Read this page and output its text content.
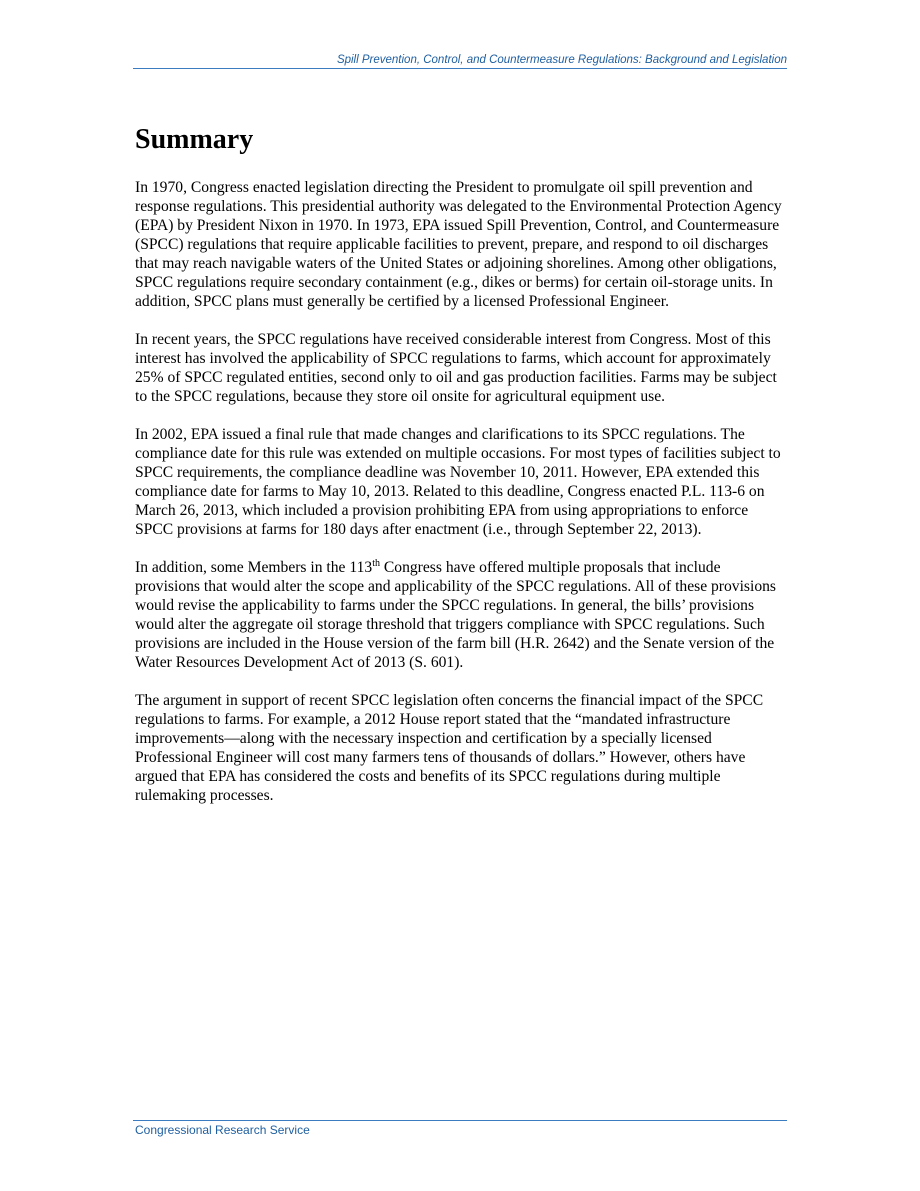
Spill Prevention, Control, and Countermeasure Regulations: Background and Legislation
Summary

In 1970, Congress enacted legislation directing the President to promulgate oil spill prevention and response regulations. This presidential authority was delegated to the Environmental Protection Agency (EPA) by President Nixon in 1970. In 1973, EPA issued Spill Prevention, Control, and Countermeasure (SPCC) regulations that require applicable facilities to prevent, prepare, and respond to oil discharges that may reach navigable waters of the United States or adjoining shorelines. Among other obligations, SPCC regulations require secondary containment (e.g., dikes or berms) for certain oil-storage units. In addition, SPCC plans must generally be certified by a licensed Professional Engineer.

In recent years, the SPCC regulations have received considerable interest from Congress. Most of this interest has involved the applicability of SPCC regulations to farms, which account for approximately 25% of SPCC regulated entities, second only to oil and gas production facilities. Farms may be subject to the SPCC regulations, because they store oil onsite for agricultural equipment use.

In 2002, EPA issued a final rule that made changes and clarifications to its SPCC regulations. The compliance date for this rule was extended on multiple occasions. For most types of facilities subject to SPCC requirements, the compliance deadline was November 10, 2011. However, EPA extended this compliance date for farms to May 10, 2013. Related to this deadline, Congress enacted P.L. 113-6 on March 26, 2013, which included a provision prohibiting EPA from using appropriations to enforce SPCC provisions at farms for 180 days after enactment (i.e., through September 22, 2013).

In addition, some Members in the 113th Congress have offered multiple proposals that include provisions that would alter the scope and applicability of the SPCC regulations. All of these provisions would revise the applicability to farms under the SPCC regulations. In general, the bills’ provisions would alter the aggregate oil storage threshold that triggers compliance with SPCC regulations. Such provisions are included in the House version of the farm bill (H.R. 2642) and the Senate version of the Water Resources Development Act of 2013 (S. 601).

The argument in support of recent SPCC legislation often concerns the financial impact of the SPCC regulations to farms. For example, a 2012 House report stated that the “mandated infrastructure improvements—along with the necessary inspection and certification by a specially licensed Professional Engineer will cost many farmers tens of thousands of dollars.” However, others have argued that EPA has considered the costs and benefits of its SPCC regulations during multiple rulemaking processes.

Congressional Research Service
